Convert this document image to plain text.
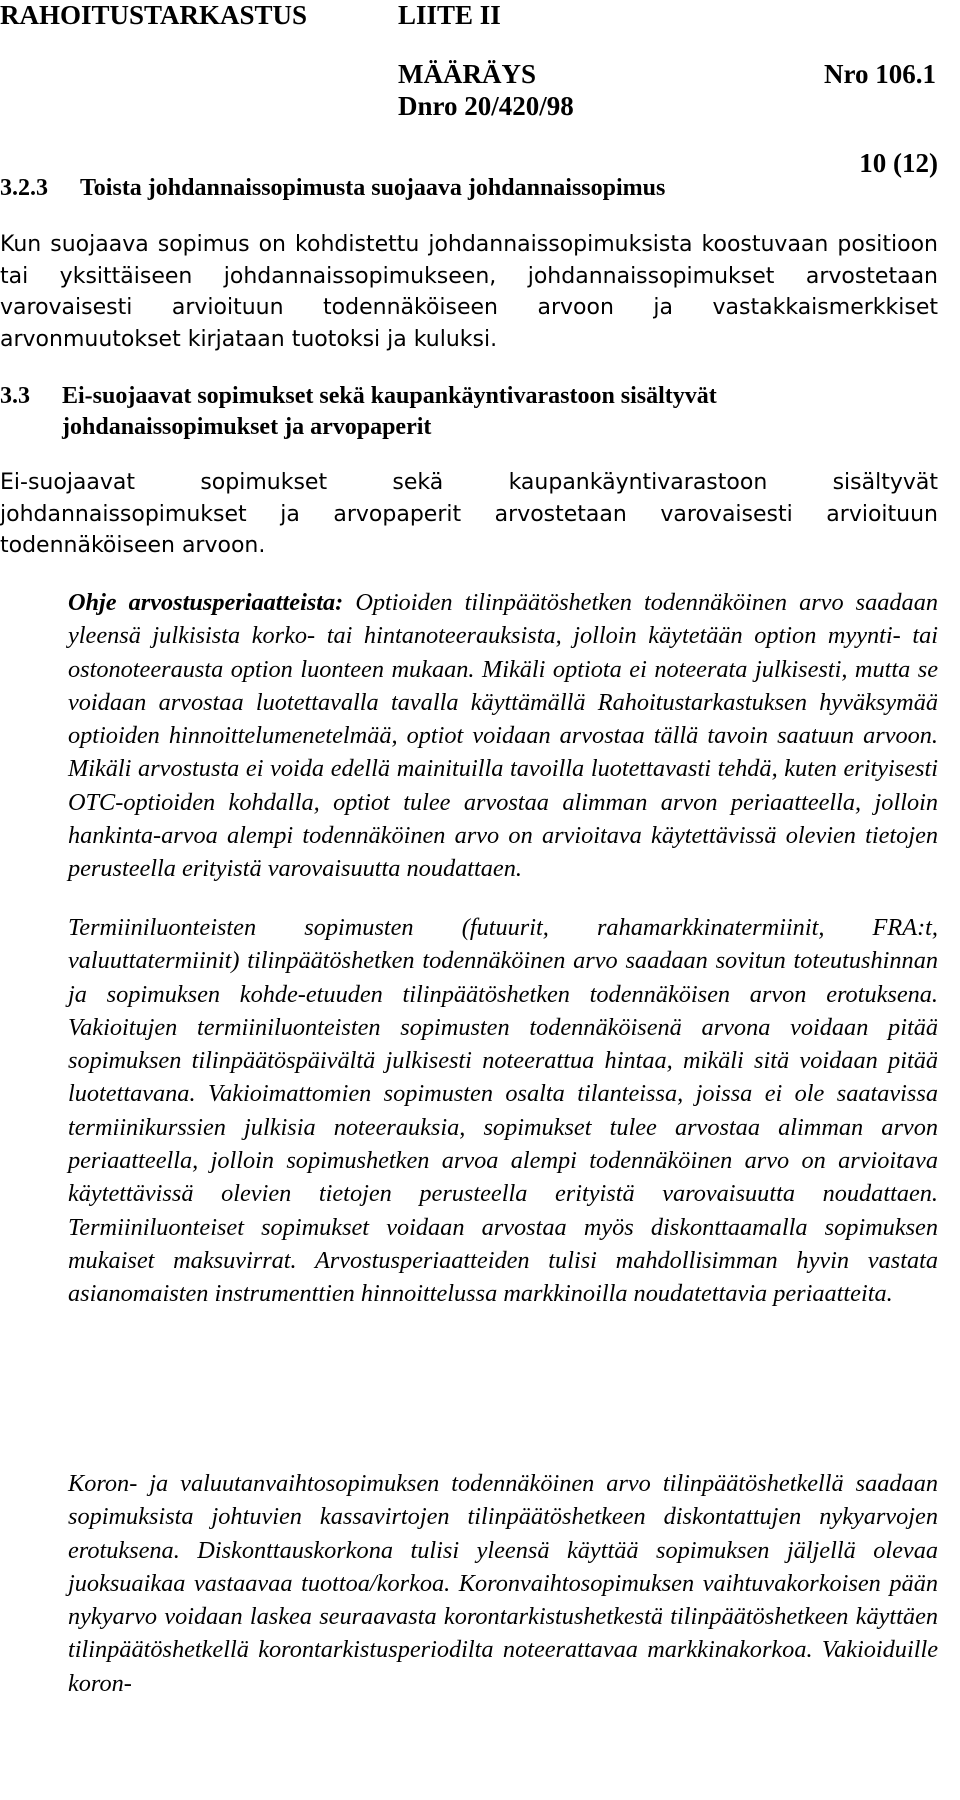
RAHOITUSTARKASTUS	LIITE II
MÄÄRÄYS	Nro 106.1
Dnro 20/420/98
10 (12)
3.2.3 Toista johdannaissopimusta suojaava johdannaissopimus

Kun suojaava sopimus on kohdistettu johdannaissopimuksista koostuvaan positioon tai yksittäiseen johdannaissopimukseen, johdannaissopimukset arvostetaan varovaisesti arvioituun todennäköiseen arvoon ja vastakkaismerkkiset arvonmuutokset kirjataan tuotoksi ja kuluksi.

3.3 Ei-suojaavat sopimukset sekä kaupankäyntivarastoon sisältyvät
johdanaissopimukset ja arvopaperit

Ei-suojaavat sopimukset sekä kaupankäyntivarastoon sisältyvät johdannaissopimukset ja arvopaperit arvostetaan varovaisesti arvioituun todennäköiseen arvoon.

Ohje arvostusperiaatteista: Optioiden tilinpäätöshetken todennäköinen arvo saadaan yleensä julkisista korko- tai hintanoteerauksista, jolloin käytetään option myynti- tai ostonoteerausta option luonteen mukaan. Mikäli optiota ei noteerata julkisesti, mutta se voidaan arvostaa luotettavalla tavalla käyttämällä Rahoitustarkastuksen hyväksymää optioiden hinnoittelumenetelmää, optiot voidaan arvostaa tällä tavoin saatuun arvoon. Mikäli arvostusta ei voida edellä mainituilla tavoilla luotettavasti tehdä, kuten erityisesti OTC-optioiden kohdalla, optiot tulee arvostaa alimman arvon periaatteella, jolloin hankinta-arvoa alempi todennäköinen arvo on arvioitava käytettävissä olevien tietojen perusteella erityistä varovaisuutta noudattaen.

Termiiniluonteisten sopimusten (futuurit, rahamarkkinatermiinit, FRA:t, valuuttatermiinit) tilinpäätöshetken todennäköinen arvo saadaan sovitun toteutushinnan ja sopimuksen kohde-etuuden tilinpäätöshetken todennäköisen arvon erotuksena. Vakioitujen termiiniluonteisten sopimusten todennäköisenä arvona voidaan pitää sopimuksen tilinpäätöspäivältä julkisesti noteerattua hintaa, mikäli sitä voidaan pitää luotettavana. Vakioimattomien sopimusten osalta tilanteissa, joissa ei ole saatavissa termiinikurssien julkisia noteerauksia, sopimukset tulee arvostaa alimman arvon periaatteella, jolloin sopimushetken arvoa alempi todennäköinen arvo on arvioitava käytettävissä olevien tietojen perusteella erityistä varovaisuutta noudattaen. Termiiniluonteiset sopimukset voidaan arvostaa myös diskonttaamalla sopimuksen mukaiset maksuvirrat. Arvostusperiaatteiden tulisi mahdollisimman hyvin vastata asianomaisten instrumenttien hinnoittelussa markkinoilla noudatettavia periaatteita.

Koron- ja valuutanvaihtosopimuksen todennäköinen arvo tilinpäätöshetkellä saadaan sopimuksista johtuvien kassavirtojen tilinpäätöshetkeen diskontattujen nykyarvojen erotuksena. Diskonttauskorkona tulisi yleensä käyttää sopimuksen jäljellä olevaa juoksuaikaa vastaavaa tuottoa/korkoa. Koronvaihtosopimuksen vaihtuvakorkoisen pään nykyarvo voidaan laskea seuraavasta korontarkistushetkestä tilinpäätöshetkeen käyttäen tilinpäätöshetkellä korontarkistusperiodilta noteerattavaa markkinakorkoa. Vakioiduille koron-
